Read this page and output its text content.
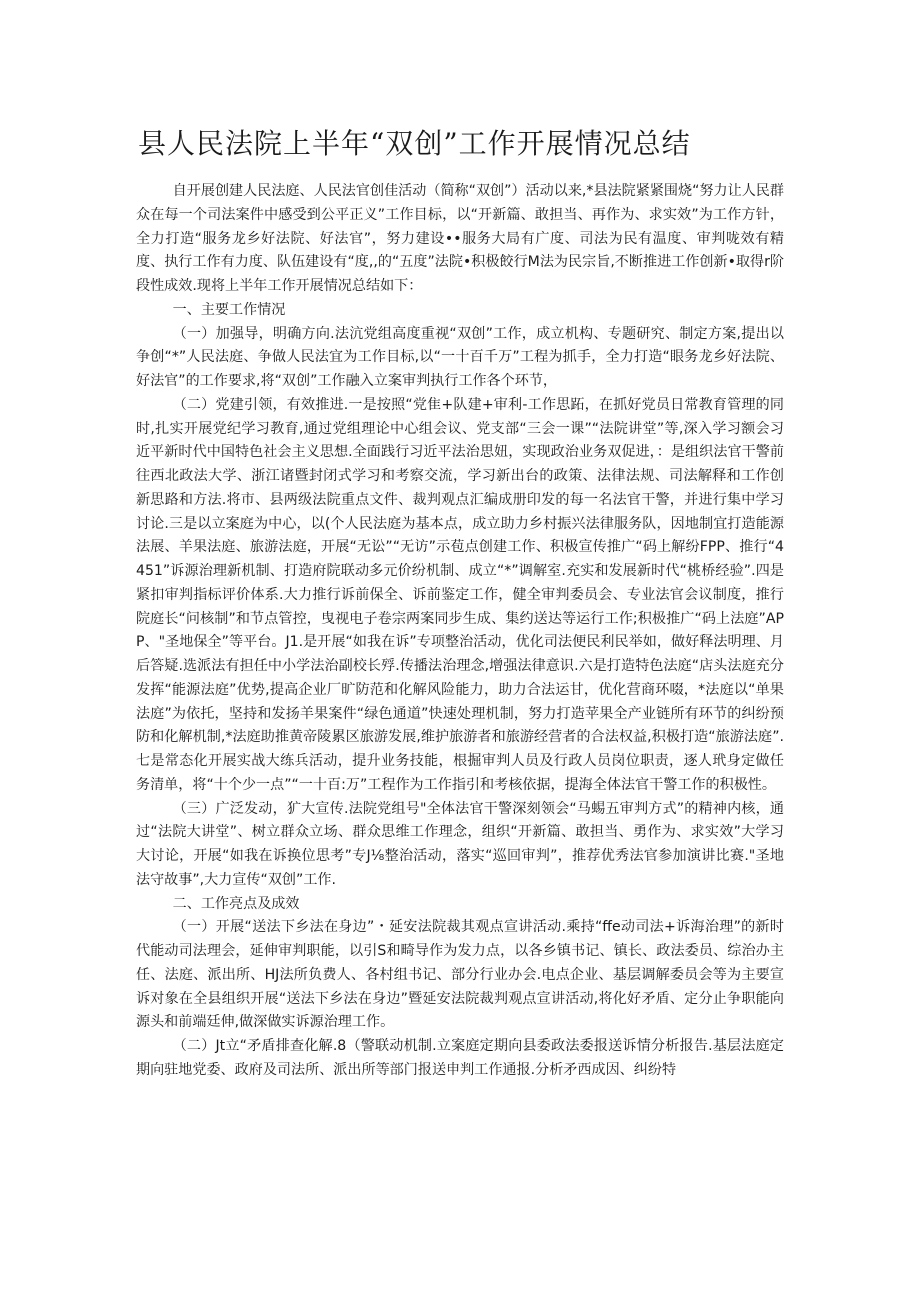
县人民法院上半年“双创”工作开展情况总结

自开展创建人民法庭、人民法官创佳活动（简称“双创”）活动以来,*县法院紧紧围烧“努力让人民群众在每一个司法案件中感受到公平正义”工作目标，以“开新篇、敢担当、再作为、求实效”为工作方针，全力打造“服务龙乡好法院、好法官”，努力建设••服务大局有广度、司法为民有温度、审判咙效有精度、执行工作有力度、队伍建设有“度,,的“五度”法院•积极餃行M法为民宗旨,不断推进工作创新•取得r阶段性成效.现将上半年工作开展情况总结如下：

一、主要工作情况

（一）加强导，明确方向.法沆党组高度重视“双创”工作，成立机构、专题研究、制定方案,提出以争创“*”人民法庭、争做人民法宜为工作目标,以“一十百千万”工程为抓手，全力打造“眼务龙乡好法院、好法官”的工作要求,将“双创”工作融入立案审判执行工作各个环节，

（二）党建引领，有效推进.一是按照“党隹+队建+审利-工作思跖，在抓好党员日常教育管理的同时,扎实开展党纪学习教育,通过党组理论中心组会议、党支部“三会一课”“法院讲堂”等,深入学习额会习近平新时代中国特色社会主义思想.全面践行习近平法治思妞，实现政治业务双促进，：是组织法官干警前往西北政法大学、浙江诸暨封闭式学习和考察交流，学习新出台的政策、法律法规、司法解释和工作创新思路和方法.将市、县两级法院重点文件、裁判观点汇编成册印发的每一名法官干警，并进行集中学习讨论.三是以立案庭为中心，以(个人民法庭为基本点，成立助力乡村振兴法律服务队，因地制宜打造能源法展、羊果法庭、旅游法庭，开展“无讼”“无访”示苞点创建工作、积极宣传推广“码上解纷FPP、推行“4451”诉源治理新机制、打造府院联动多元价纷机制、成立“*”调解室.充实和发展新时代“桃桥经验”.四是紧扣审判指标评价体系.大力推行诉前保全、诉前鉴定工作，健全审判委员会、专业法官会议制度，推行院庭长“问核制”和节点管控，曳视电子卷宗两案同步生成、集约送达等运行工作;积极推广“码上法庭”APP、"圣地保全”等平台。J1.是开展“如我在诉”专项整治活动，优化司法便民利民举如，做好释法明理、月后答疑.选派法有担任中小学法治副校长殍.传播法治理念,增强法律意识.六是打造特色法庭“店头法庭充分发挥“能源法庭”优势,提高企业厂旷防范和化解风险能力，助力合法运甘，优化营商环啜，*法庭以“单果法庭”为依托，坚持和发扬羊果案件“绿色通道”快速处理机制，努力打造苹果全产业链所有环节的纠纷预防和化解机制,*法庭助推黄帝陵累区旅游发展,维护旅游者和旅游经营者的合法权益,积极打造“旅游法庭”.七是常态化开展实战大练兵活动，提升业务技能，根掘审判人员及行政人员岗位职责，逐人玳身定做任务清单，将“十个少一点”“一十百:万”工程作为工作指引和考核依据，提海全体法官干警工作的积极性。

（三）广泛发动，犷大宣传.法院党组号"全体法官干警深刻领会“马蜴五审判方式”的精神内核，通过“法院大讲堂”、树立群众立场、群众思维工作理念，组织“开新篇、敢担当、勇作为、求实效”大学习大讨论，开展“如我在诉换位思考”专J⅛整治活动，落实“巡回审判”，推荐优秀法官参加演讲比赛."圣地法守故事”,大力宣传“双创”工作.

二、工作亮点及成效

（一）开展“送法下乡法在身边”・延安法院裁其观点宣讲活动.乘持“ffe动司法+诉海治理”的新时代能动司法理会，延伸审判职能，以引S和畸导作为发力点，以各乡镇书记、镇长、政法委员、综治办主任、法庭、派出所、HJ法所负费人、各村组书记、部分行业办会.电点企业、基层调解委员会等为主要宣诉对象在全县组织开展“送法下乡法在身边”暨延安法院裁判观点宣讲活动,将化好矛盾、定分止争职能向源头和前端廷伸,做深做实诉源治理工作。

（二）Jt立“矛盾排查化解.8（警联动机制.立案庭定期向县委政法委报送诉情分析报告.基层法庭定期向驻地党委、政府及司法所、派出所等部门报送申判工作通报.分析矛西成因、纠纷特
